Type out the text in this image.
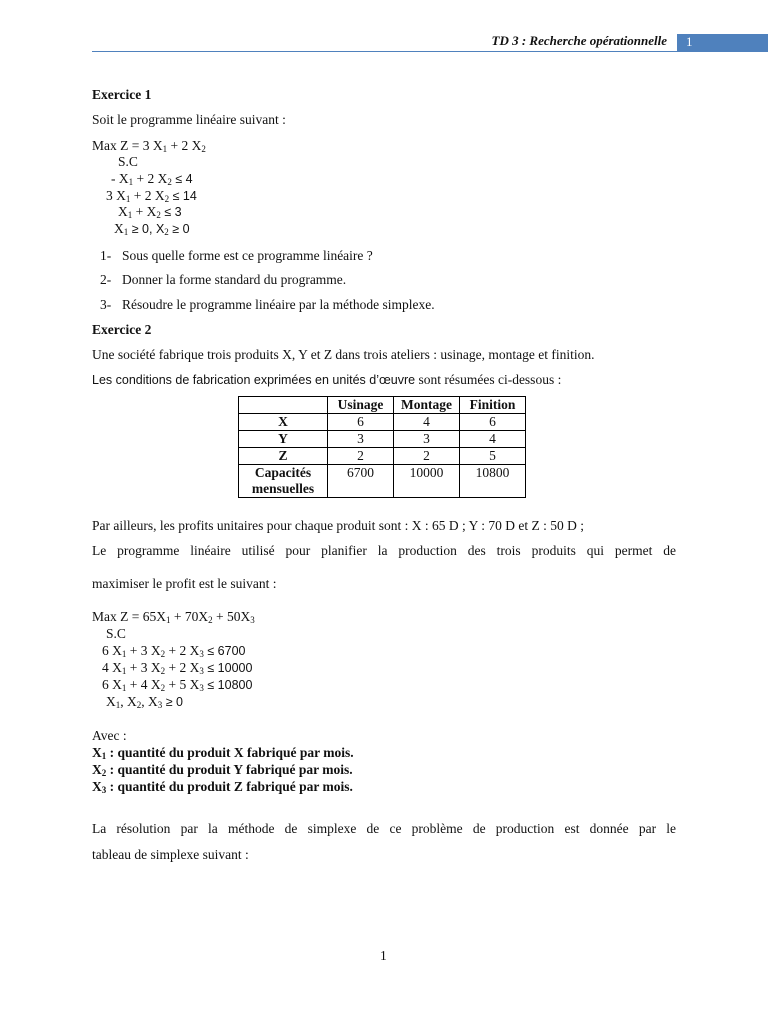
TD 3 : Recherche opérationnelle 1
Exercice 1
Soit le programme linéaire suivant :
Max Z = 3 $X_1 + 2$ $X_2$
S.C
- $X_1 + 2$ $X_2 \le 4$
3 $X_1 + 2$ $X_2 \le 14$
$X_1 + X_2 \le 3$
$X_1 \ge 0$, $X_2 \ge 0$
1- Sous quelle forme est ce programme linéaire ?
2- Donner la forme standard du programme.
3- Résoudre le programme linéaire par la méthode simplexe.
Exercice 2
Une société fabrique trois produits X, Y et Z dans trois ateliers : usinage, montage et finition.
Les conditions de fabrication exprimées en unités d’œuvre sont résumées ci-dessous :
	Usinage	Montage	Finition
X	6	4	6
Y	3	3	4
Z	2	2	5

Capacités
mensuelles	6700	10000	10800
Par ailleurs, les profits unitaires pour chaque produit sont : X : 65 D ; Y : 70 D et Z : 50 D ;
Le programme linéaire utilisé pour planifier la production des trois produits qui permet de
maximiser le profit est le suivant :
Max $Z = 65X_1 + 70X_2 + 50X_3$
S.C
6 $X_1 + 3$ $X_2 + 2$ $X_3 \le 6700$
4 $X_1 + 3$ $X_2 + 2$ $X_3 \le 10000$
6 $X_1 + 4$ $X_2 + 5$ $X_3 \le 10800$
$X_1$, $X_2$, $X_3 \ge 0$
Avec :
$X_1$ : quantité du produit X fabriqué par mois.
$X_2$ : quantité du produit Y fabriqué par mois.
$X_3$ : quantité du produit Z fabriqué par mois.
La résolution par la méthode de simplexe de ce problème de production est donnée par le
tableau de simplexe suivant :
1
